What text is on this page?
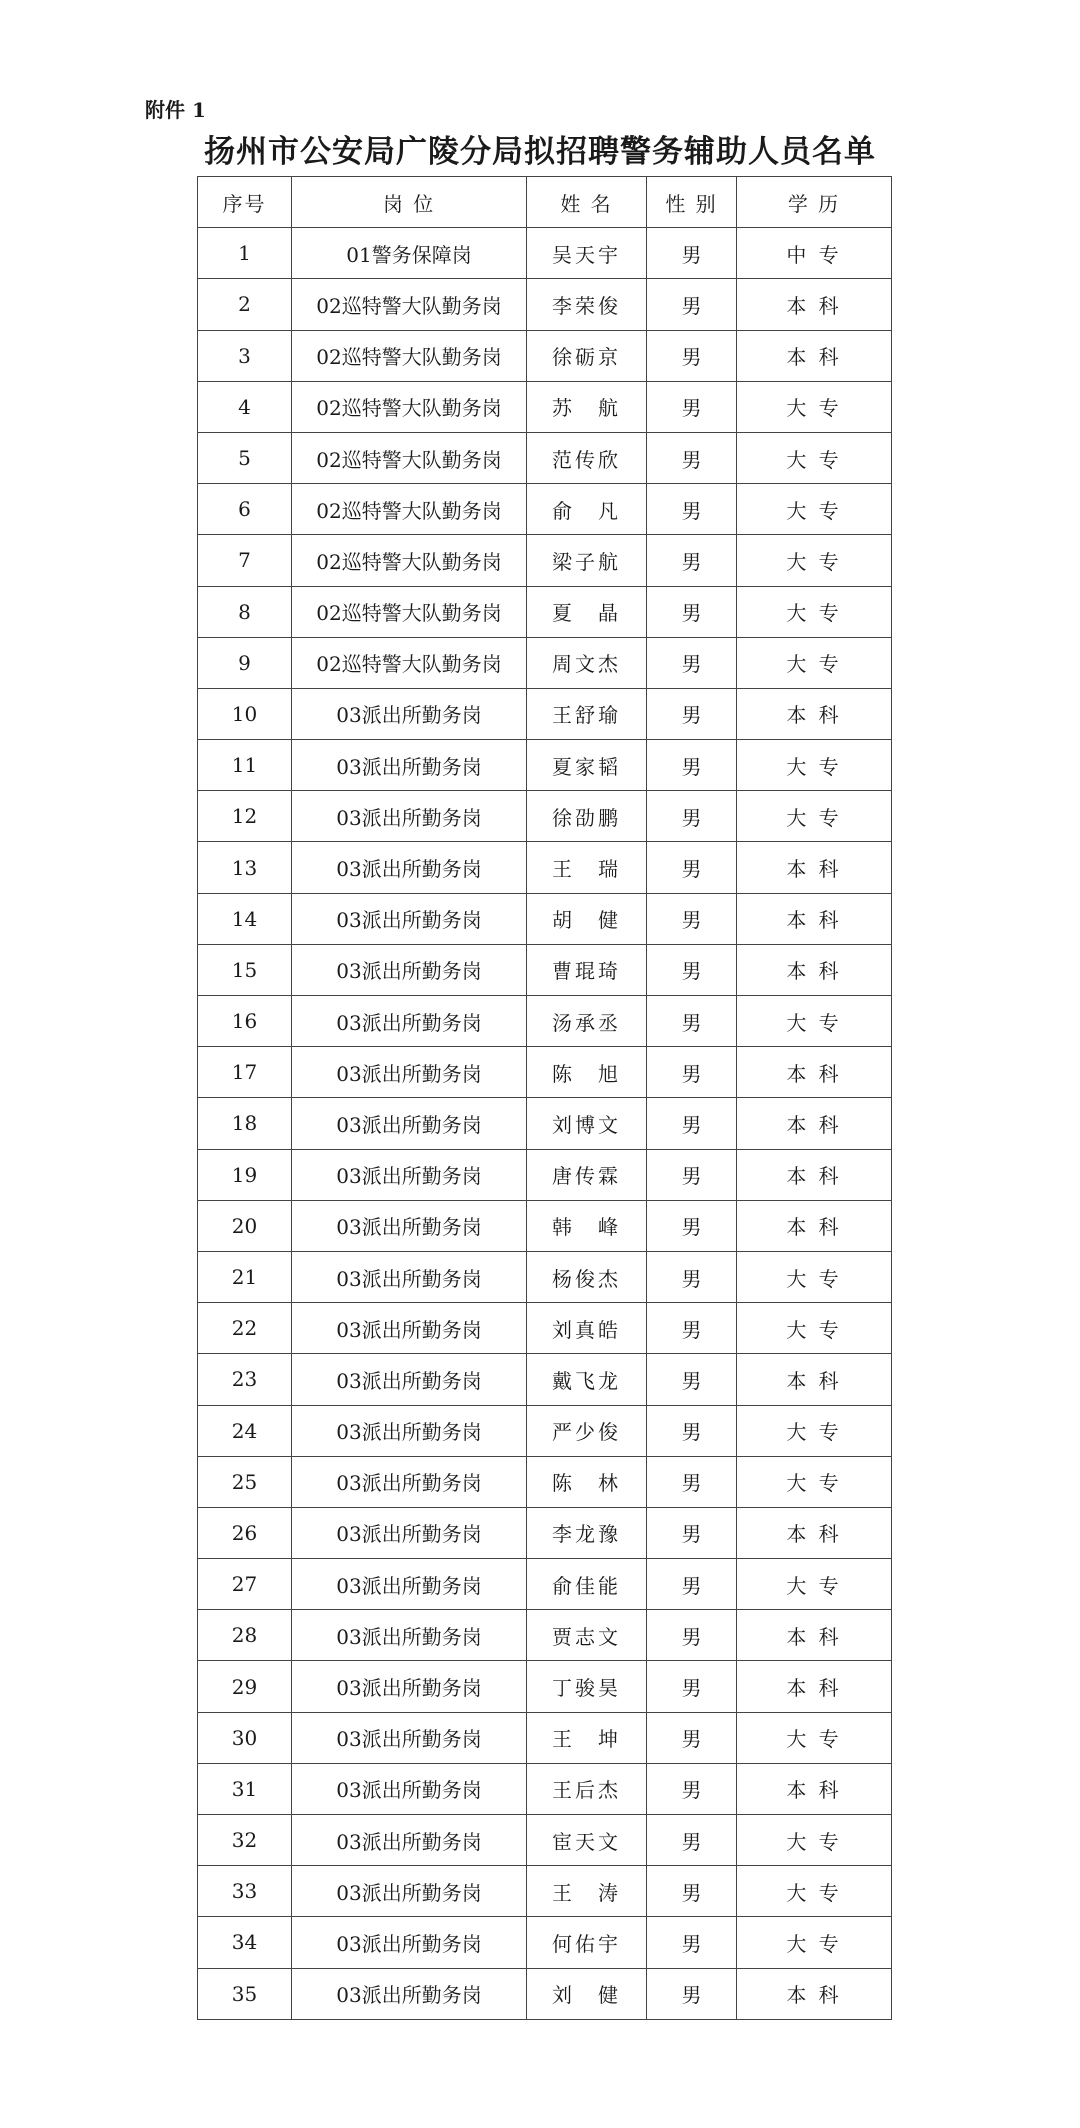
附件 1
扬州市公安局广陵分局拟招聘警务辅助人员名单
序号	岗 位	姓 名	性 别	学 历
1	01警务保障岗	吴天宇	男	中 专
2	02巡特警大队勤务岗	李荣俊	男	本 科
3	02巡特警大队勤务岗	徐砺京	男	本 科
4	02巡特警大队勤务岗	苏　航	男	大 专
5	02巡特警大队勤务岗	范传欣	男	大 专
6	02巡特警大队勤务岗	俞　凡	男	大 专
7	02巡特警大队勤务岗	梁子航	男	大 专
8	02巡特警大队勤务岗	夏　晶	男	大 专
9	02巡特警大队勤务岗	周文杰	男	大 专
10	03派出所勤务岗	王舒瑜	男	本 科
11	03派出所勤务岗	夏家韬	男	大 专
12	03派出所勤务岗	徐劭鹏	男	大 专
13	03派出所勤务岗	王　瑞	男	本 科
14	03派出所勤务岗	胡　健	男	本 科
15	03派出所勤务岗	曹琨琦	男	本 科
16	03派出所勤务岗	汤承丞	男	大 专
17	03派出所勤务岗	陈　旭	男	本 科
18	03派出所勤务岗	刘博文	男	本 科
19	03派出所勤务岗	唐传霖	男	本 科
20	03派出所勤务岗	韩　峰	男	本 科
21	03派出所勤务岗	杨俊杰	男	大 专
22	03派出所勤务岗	刘真皓	男	大 专
23	03派出所勤务岗	戴飞龙	男	本 科
24	03派出所勤务岗	严少俊	男	大 专
25	03派出所勤务岗	陈　林	男	大 专
26	03派出所勤务岗	李龙豫	男	本 科
27	03派出所勤务岗	俞佳能	男	大 专
28	03派出所勤务岗	贾志文	男	本 科
29	03派出所勤务岗	丁骏昊	男	本 科
30	03派出所勤务岗	王　坤	男	大 专
31	03派出所勤务岗	王后杰	男	本 科
32	03派出所勤务岗	宦天文	男	大 专
33	03派出所勤务岗	王　涛	男	大 专
34	03派出所勤务岗	何佑宇	男	大 专
35	03派出所勤务岗	刘　健	男	本 科
